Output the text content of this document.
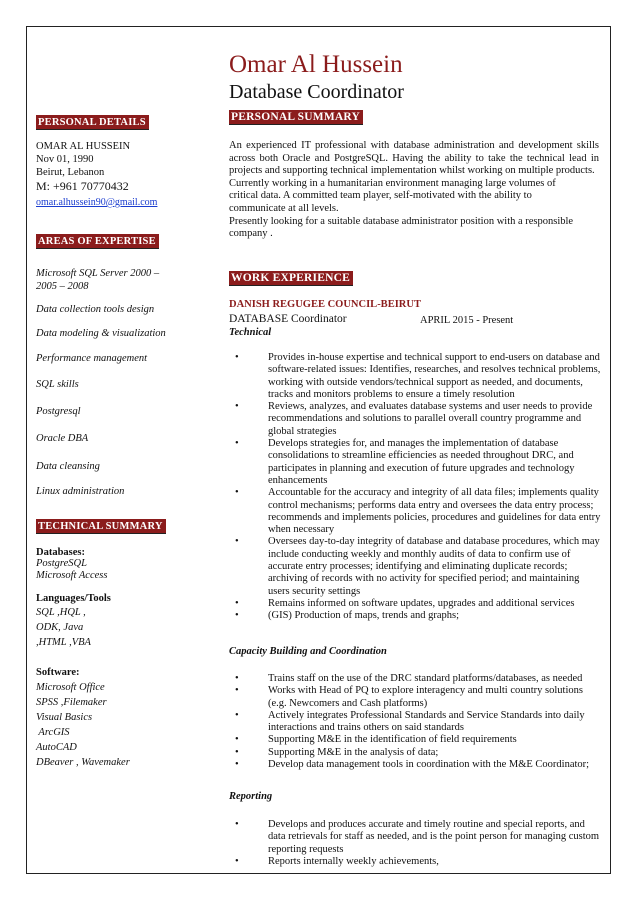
Omar Al Hussein
Database Coordinator
PERSONAL DETAILS
OMAR AL HUSSEIN
Nov 01, 1990
Beirut, Lebanon
M: +961 70770432
omar.alhussein90@gmail.com
AREAS OF EXPERTISE
Microsoft SQL Server 2000 –
2005 – 2008
Data collection tools design
Data modeling & visualization
Performance management
SQL skills
Postgresql
Oracle DBA
Data cleansing
Linux administration
TECHNICAL SUMMARY
Databases:
PostgreSQL
Microsoft Access
Languages/Tools
SQL ,HQL ,
ODK, Java
,HTML ,VBA
Software:
Microsoft Office
SPSS ,Filemaker
Visual Basics
ArcGIS
AutoCAD
DBeaver , Wavemaker
PERSONAL SUMMARY

An experienced IT professional with database administration and development skills across both Oracle and PostgreSQL. Having the ability to take the technical lead in projects and supporting technical implementation whilst working on multiple products.

Currently working in a humanitarian environment managing large volumes of critical data. A committed team player, self-motivated with the ability to communicate at all levels.

Presently looking for a suitable database administrator position with a responsible company .

WORK EXPERIENCE
DANISH REGUGEE COUNCIL-BEIRUT
DATABASE Coordinator	APRIL 2015 - Present
Technical
•	Provides in-house expertise and technical support to end-users on database and software-related issues: Identifies, researches, and resolves technical problems, working with outside vendors/technical support as needed, and documents, tracks and monitors problems to ensure a timely resolution
•	Reviews, analyzes, and evaluates database systems and user needs to provide recommendations and solutions to parallel overall country programme and global strategies
•	Develops strategies for, and manages the implementation of database consolidations to streamline efficiencies as needed throughout DRC, and participates in planning and execution of future upgrades and technology enhancements
•	Accountable for the accuracy and integrity of all data files; implements quality control mechanisms; performs data entry and oversees the data entry process; recommends and implements policies, procedures and guidelines for data entry when necessary
•	Oversees day-to-day integrity of database and database procedures, which may include conducting weekly and monthly audits of data to confirm use of accurate entry processes; identifying and eliminating duplicate records; archiving of records with no activity for specified period; and maintaining users security settings
•	Remains informed on software updates, upgrades and additional services
•	(GIS) Production of maps, trends and graphs;
Capacity Building and Coordination
•	Trains staff on the use of the DRC standard platforms/databases, as needed
•	Works with Head of PQ to explore interagency and multi country solutions (e.g. Newcomers and Cash platforms)
•	Actively integrates Professional Standards and Service Standards into daily interactions and trains others on said standards
•	Supporting M&E in the identification of field requirements
•	Supporting M&E in the analysis of data;
•	Develop data management tools in coordination with the M&E Coordinator;
Reporting
•	Develops and produces accurate and timely routine and special reports, and data retrievals for staff as needed, and is the point person for managing custom reporting requests
•	Reports internally weekly achievements,
